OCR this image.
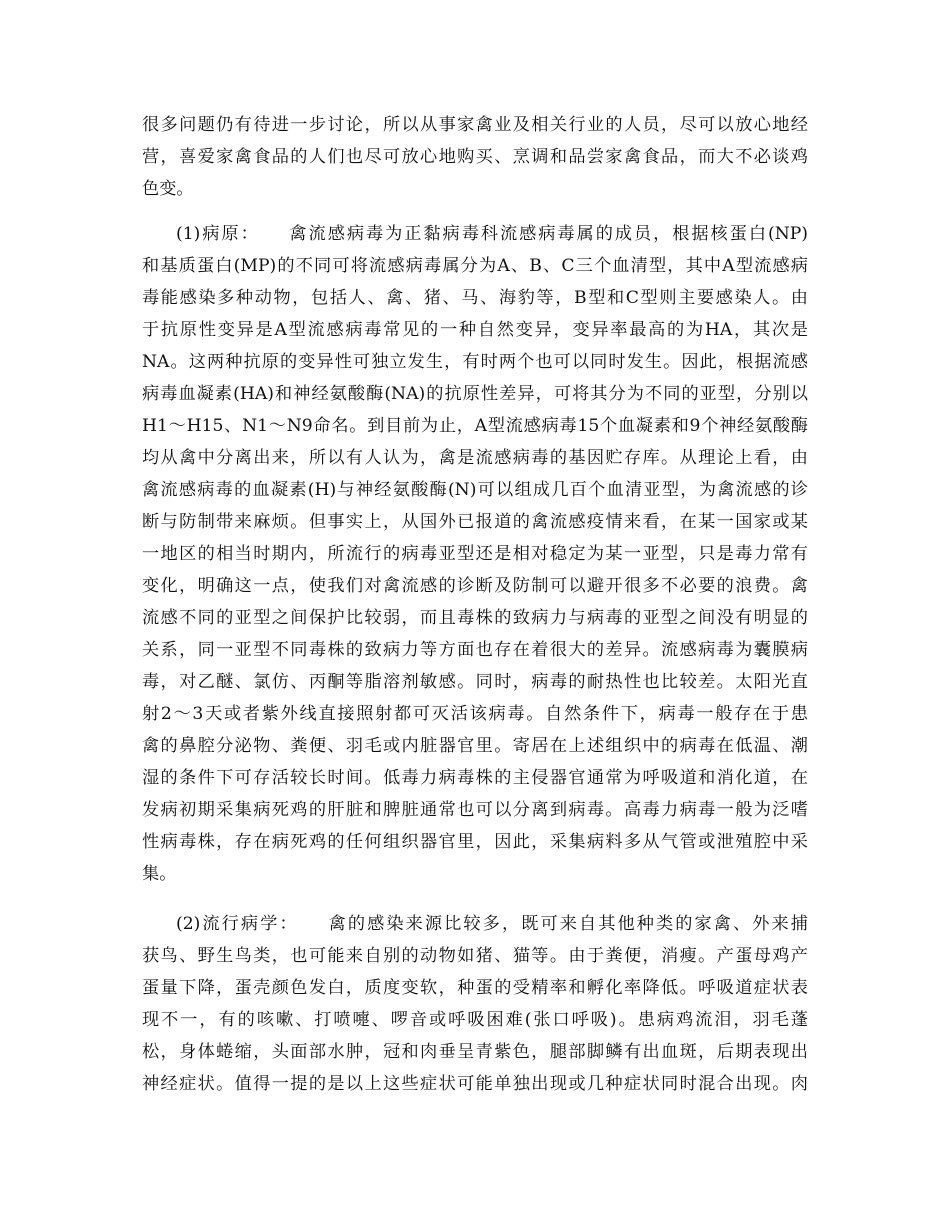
很多问题仍有待进一步讨论，所以从事家禽业及相关行业的人员，尽可以放心地经
营，喜爱家禽食品的人们也尽可放心地购买、烹调和品尝家禽食品，而大不必谈鸡
色变。
(1)病原：　　禽流感病毒为正黏病毒科流感病毒属的成员，根据核蛋白(NP)
和基质蛋白(MP)的不同可将流感病毒属分为A、B、C三个血清型，其中A型流感病
毒能感染多种动物，包括人、禽、猪、马、海豹等，B型和C型则主要感染人。由
于抗原性变异是A型流感病毒常见的一种自然变异，变异率最高的为HA，其次是
NA。这两种抗原的变异性可独立发生，有时两个也可以同时发生。因此，根据流感
病毒血凝素(HA)和神经氨酸酶(NA)的抗原性差异，可将其分为不同的亚型，分别以
H1～H15、N1～N9命名。到目前为止，A型流感病毒15个血凝素和9个神经氨酸酶
均从禽中分离出来，所以有人认为，禽是流感病毒的基因贮存库。从理论上看，由
禽流感病毒的血凝素(H)与神经氨酸酶(N)可以组成几百个血清亚型，为禽流感的诊
断与防制带来麻烦。但事实上，从国外已报道的禽流感疫情来看，在某一国家或某
一地区的相当时期内，所流行的病毒亚型还是相对稳定为某一亚型，只是毒力常有
变化，明确这一点，使我们对禽流感的诊断及防制可以避开很多不必要的浪费。禽
流感不同的亚型之间保护比较弱，而且毒株的致病力与病毒的亚型之间没有明显的
关系，同一亚型不同毒株的致病力等方面也存在着很大的差异。流感病毒为囊膜病
毒，对乙醚、氯仿、丙酮等脂溶剂敏感。同时，病毒的耐热性也比较差。太阳光直
射2～3天或者紫外线直接照射都可灭活该病毒。自然条件下，病毒一般存在于患
禽的鼻腔分泌物、粪便、羽毛或内脏器官里。寄居在上述组织中的病毒在低温、潮
湿的条件下可存活较长时间。低毒力病毒株的主侵器官通常为呼吸道和消化道，在
发病初期采集病死鸡的肝脏和脾脏通常也可以分离到病毒。高毒力病毒一般为泛嗜
性病毒株，存在病死鸡的任何组织器官里，因此，采集病料多从气管或泄殖腔中采
集。
(2)流行病学：　　禽的感染来源比较多，既可来自其他种类的家禽、外来捕
获鸟、野生鸟类，也可能来自别的动物如猪、猫等。由于粪便，消瘦。产蛋母鸡产
蛋量下降，蛋壳颜色发白，质度变软，种蛋的受精率和孵化率降低。呼吸道症状表
现不一，有的咳嗽、打喷嚏、啰音或呼吸困难(张口呼吸)。患病鸡流泪，羽毛蓬
松，身体蜷缩，头面部水肿，冠和肉垂呈青紫色，腿部脚鳞有出血斑，后期表现出
神经症状。值得一提的是以上这些症状可能单独出现或几种症状同时混合出现。肉
